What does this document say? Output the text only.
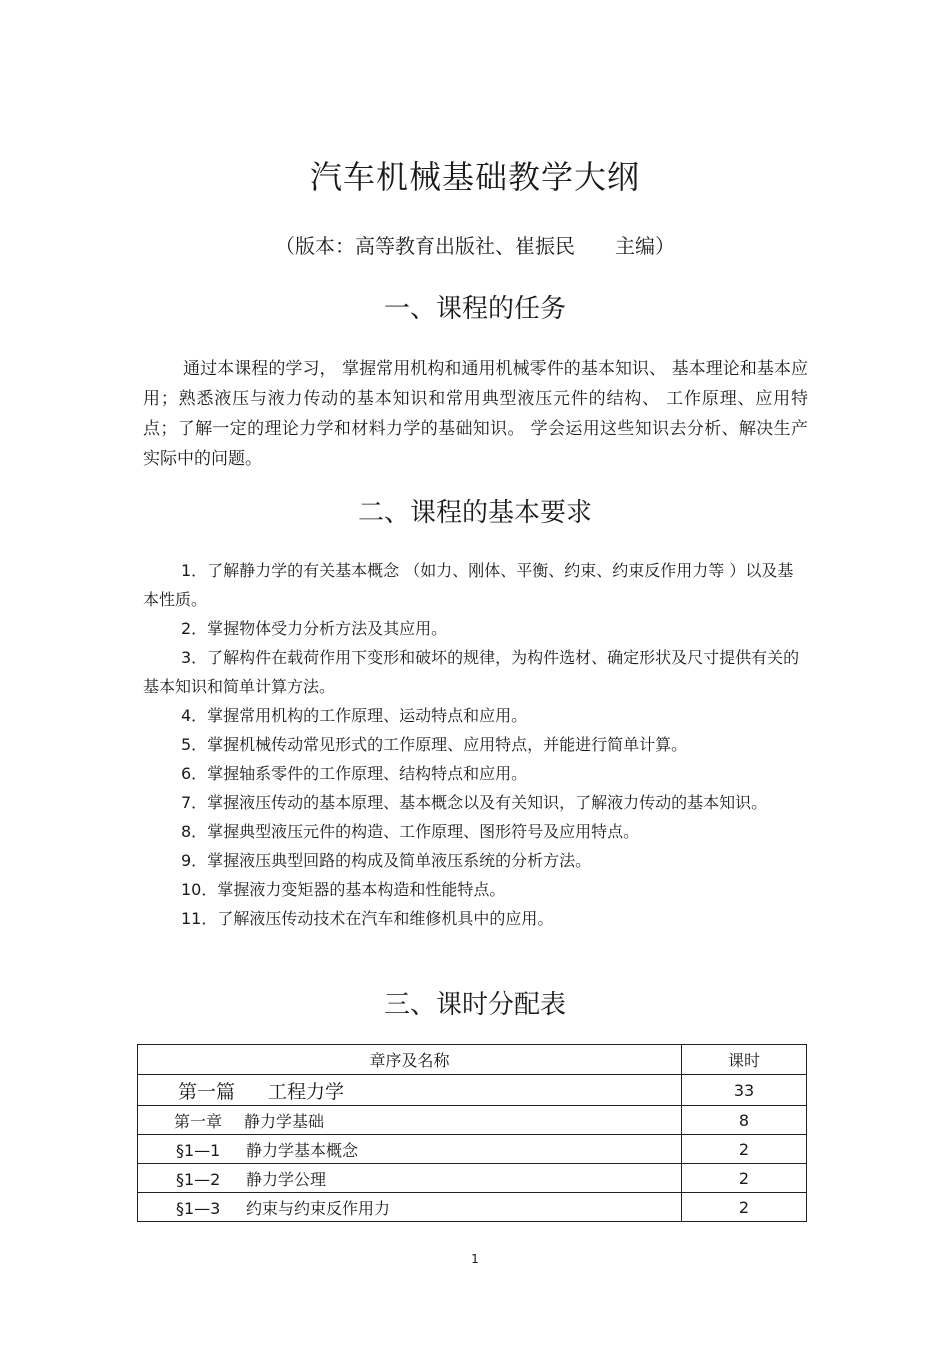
汽车机械基础教学大纲
（版本：高等教育出版社、崔振民 主编）
一、课程的任务
通过本课程的学习， 掌握常用机构和通用机械零件的基本知识、 基本理论和基本应用；熟悉液压与液力传动的基本知识和常用典型液压元件的结构、 工作原理、应用特点；了解一定的理论力学和材料力学的基础知识。 学会运用这些知识去分析、解决生产实际中的问题。
二、课程的基本要求
1．了解静力学的有关基本概念 （如力、刚体、平衡、约束、约束反作用力等 ）以及基本性质。
2．掌握物体受力分析方法及其应用。
3．了解构件在载荷作用下变形和破坏的规律，为构件选材、确定形状及尺寸提供有关的基本知识和简单计算方法。
4．掌握常用机构的工作原理、运动特点和应用。
5．掌握机械传动常见形式的工作原理、应用特点，并能进行简单计算。
6．掌握轴系零件的工作原理、结构特点和应用。
7．掌握液压传动的基本原理、基本概念以及有关知识，了解液力传动的基本知识。
8．掌握典型液压元件的构造、工作原理、图形符号及应用特点。
9．掌握液压典型回路的构成及简单液压系统的分析方法。
10．掌握液力变矩器的基本构造和性能特点。
11．了解液压传动技术在汽车和维修机具中的应用。
三、课时分配表
章序及名称	课时
第一篇 工程力学	33
第一章 静力学基础	8
§1—1 静力学基本概念	2
§1—2 静力学公理	2
§1—3 约束与约束反作用力	2
1
